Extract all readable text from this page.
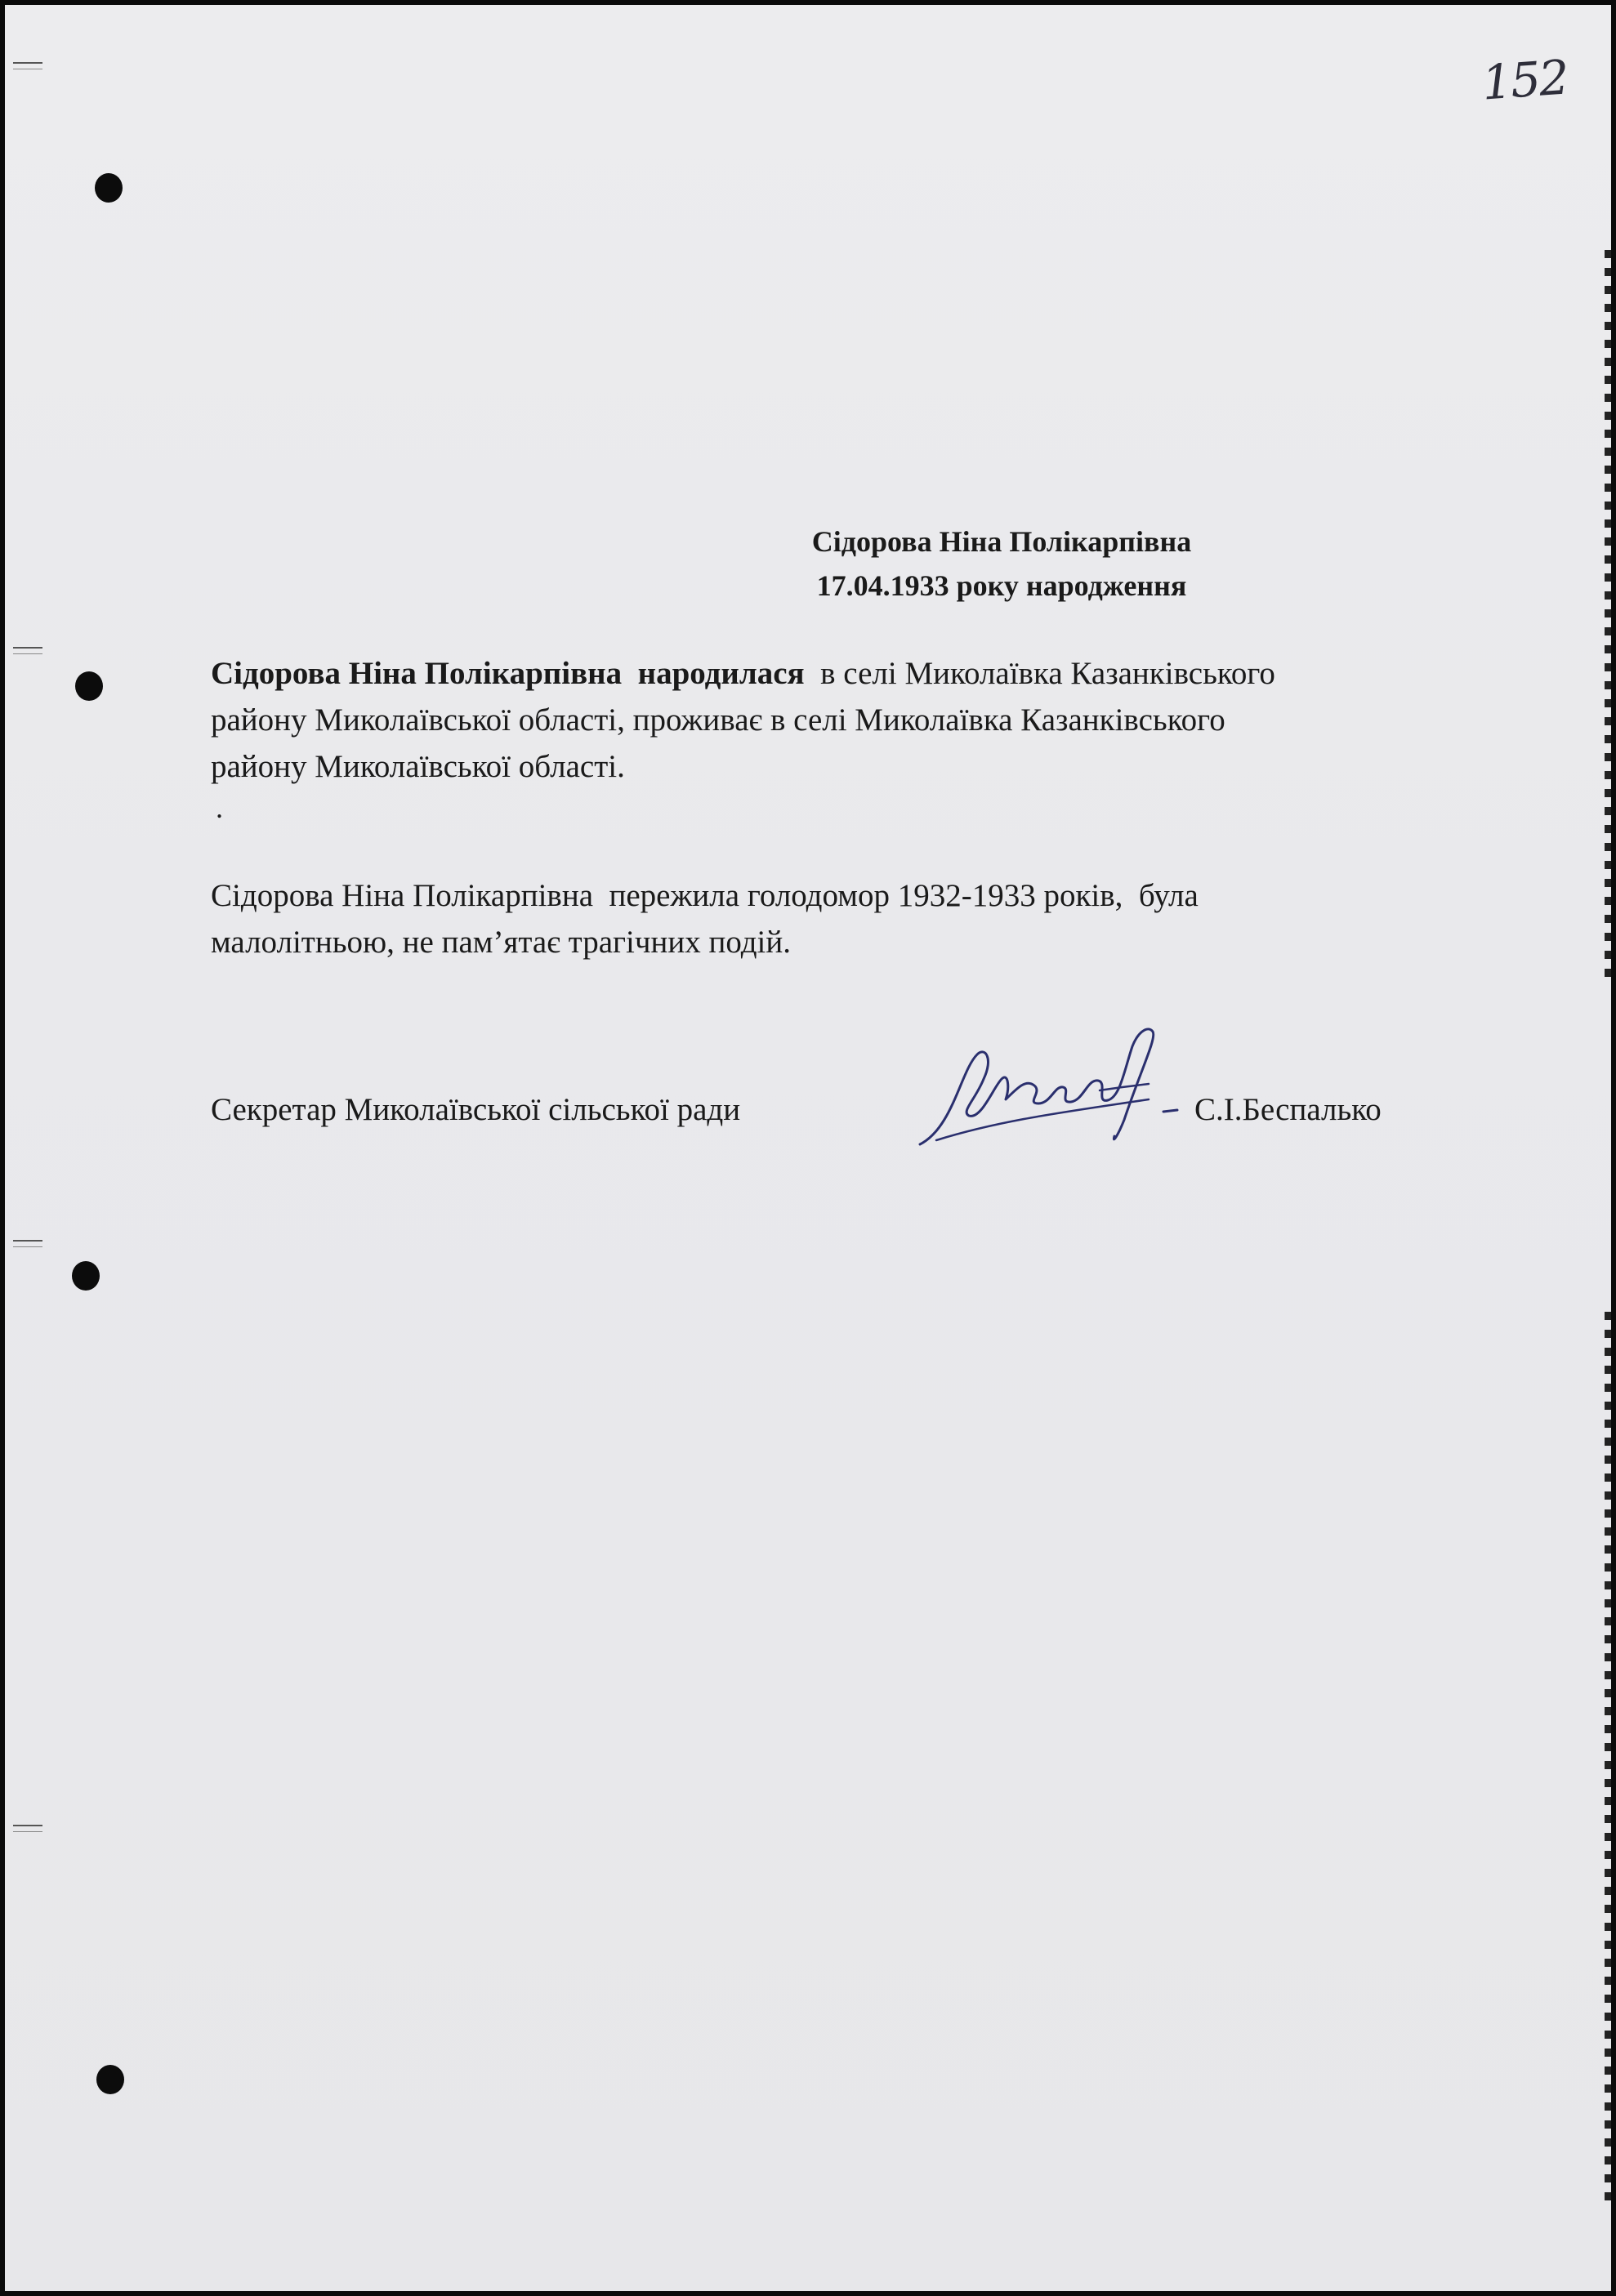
152
Сідорова Ніна Полікарпівна
17.04.1933 року народження
Сідорова Ніна Полікарпівна народилася в селі Миколаївка Казанківського
району Миколаївської області, проживає в селі Миколаївка Казанківського
району Миколаївської області.
.
Сідорова Ніна Полікарпівна  пережила голодомор 1932-1933 років,  була
малолітньою, не пам’ятає трагічних подій.
Секретар Миколаївської сільської ради	С.І.Беспалько
